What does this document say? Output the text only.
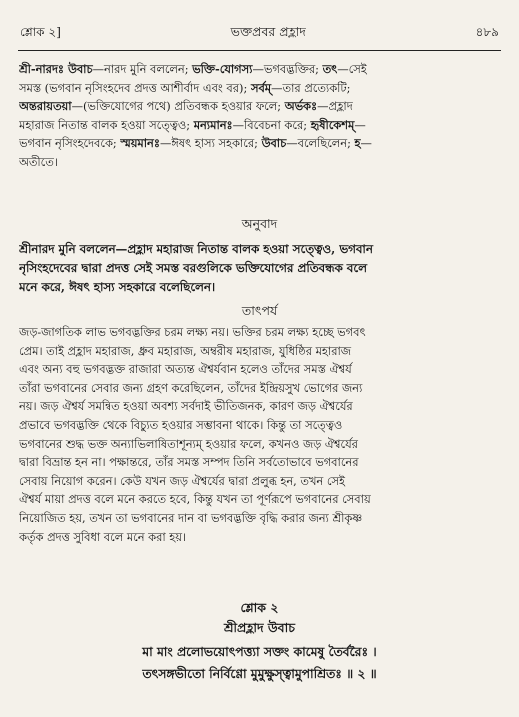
শ্লোক ২]	ভক্তপ্রবর প্রহ্লাদ	৪৮৯
শ্রী-নারদঃ উবাচ—নারদ মুনি বললেন; ভক্তি-যোগস্য—ভগবদ্ভক্তির; তৎ—সেই
সমস্ত (ভগবান নৃসিংহদেব প্রদত্ত আশীর্বাদ এবং বর); সর্বম্—তার প্রত্যেকটি;
অন্তরায়তয়া—(ভক্তিযোগের পথে) প্রতিবন্ধক হওয়ার ফলে; অর্ভকঃ—প্রহ্লাদ
মহারাজ নিতান্ত বালক হওয়া সত্ত্বেও; মন্যমানঃ—বিবেচনা করে; হৃষীকেশম্—
ভগবান নৃসিংহদেবকে; স্ময়মানঃ—ঈষৎ হাস্য সহকারে; উবাচ—বলেছিলেন; হ—
অতীতে।
অনুবাদ
শ্রীনারদ মুনি বললেন—প্রহ্লাদ মহারাজ নিতান্ত বালক হওয়া সত্ত্বেও, ভগবান
নৃসিংহদেবের দ্বারা প্রদত্ত সেই সমস্ত বরগুলিকে ভক্তিযোগের প্রতিবন্ধক বলে
মনে করে, ঈষৎ হাস্য সহকারে বলেছিলেন।
তাৎপর্য
জড়-জাগতিক লাভ ভগবদ্ভক্তির চরম লক্ষ্য নয়। ভক্তির চরম লক্ষ্য হচ্ছে ভগবৎ
প্রেম। তাই প্রহ্লাদ মহারাজ, ধ্রুব মহারাজ, অম্বরীষ মহারাজ, যুধিষ্ঠির মহারাজ
এবং অন্য বহু ভগবদ্ভক্ত রাজারা অত্যন্ত ঐশ্বর্যবান হলেও তাঁদের সমস্ত ঐশ্বর্য
তাঁরা ভগবানের সেবার জন্য গ্রহণ করেছিলেন, তাঁদের ইন্দ্রিয়সুখ ভোগের জন্য
নয়। জড় ঐশ্বর্য সমন্বিত হওয়া অবশ্য সর্বদাই ভীতিজনক, কারণ জড় ঐশ্বর্যের
প্রভাবে ভগবদ্ভক্তি থেকে বিচ্যুত হওয়ার সম্ভাবনা থাকে। কিন্তু তা সত্ত্বেও
ভগবানের শুদ্ধ ভক্ত অন্যাভিলাষিতাশূন্যম্ হওয়ার ফলে, কখনও জড় ঐশ্বর্যের
দ্বারা বিভ্রান্ত হন না। পক্ষান্তরে, তাঁর সমস্ত সম্পদ তিনি সর্বতোভাবে ভগবানের
সেবায় নিয়োগ করেন। কেউ যখন জড় ঐশ্বর্যের দ্বারা প্রলুব্ধ হন, তখন সেই
ঐশ্বর্য মায়া প্রদত্ত বলে মনে করতে হবে, কিন্তু যখন তা পূর্ণরূপে ভগবানের সেবায়
নিয়োজিত হয়, তখন তা ভগবানের দান বা ভগবদ্ভক্তি বৃদ্ধি করার জন্য শ্রীকৃষ্ণ
কর্তৃক প্রদত্ত সুবিধা বলে মনে করা হয়।
শ্লোক ২
শ্রীপ্রহ্লাদ উবাচ
মা মাং প্রলোভয়োৎপত্ত্যা সক্তং কামেষু তৈর্বরৈঃ ।
তৎসঙ্গভীতো নির্বিণ্ণো মুমুক্ষুস্ত্বামুপাশ্রিতঃ ॥ ২ ॥
